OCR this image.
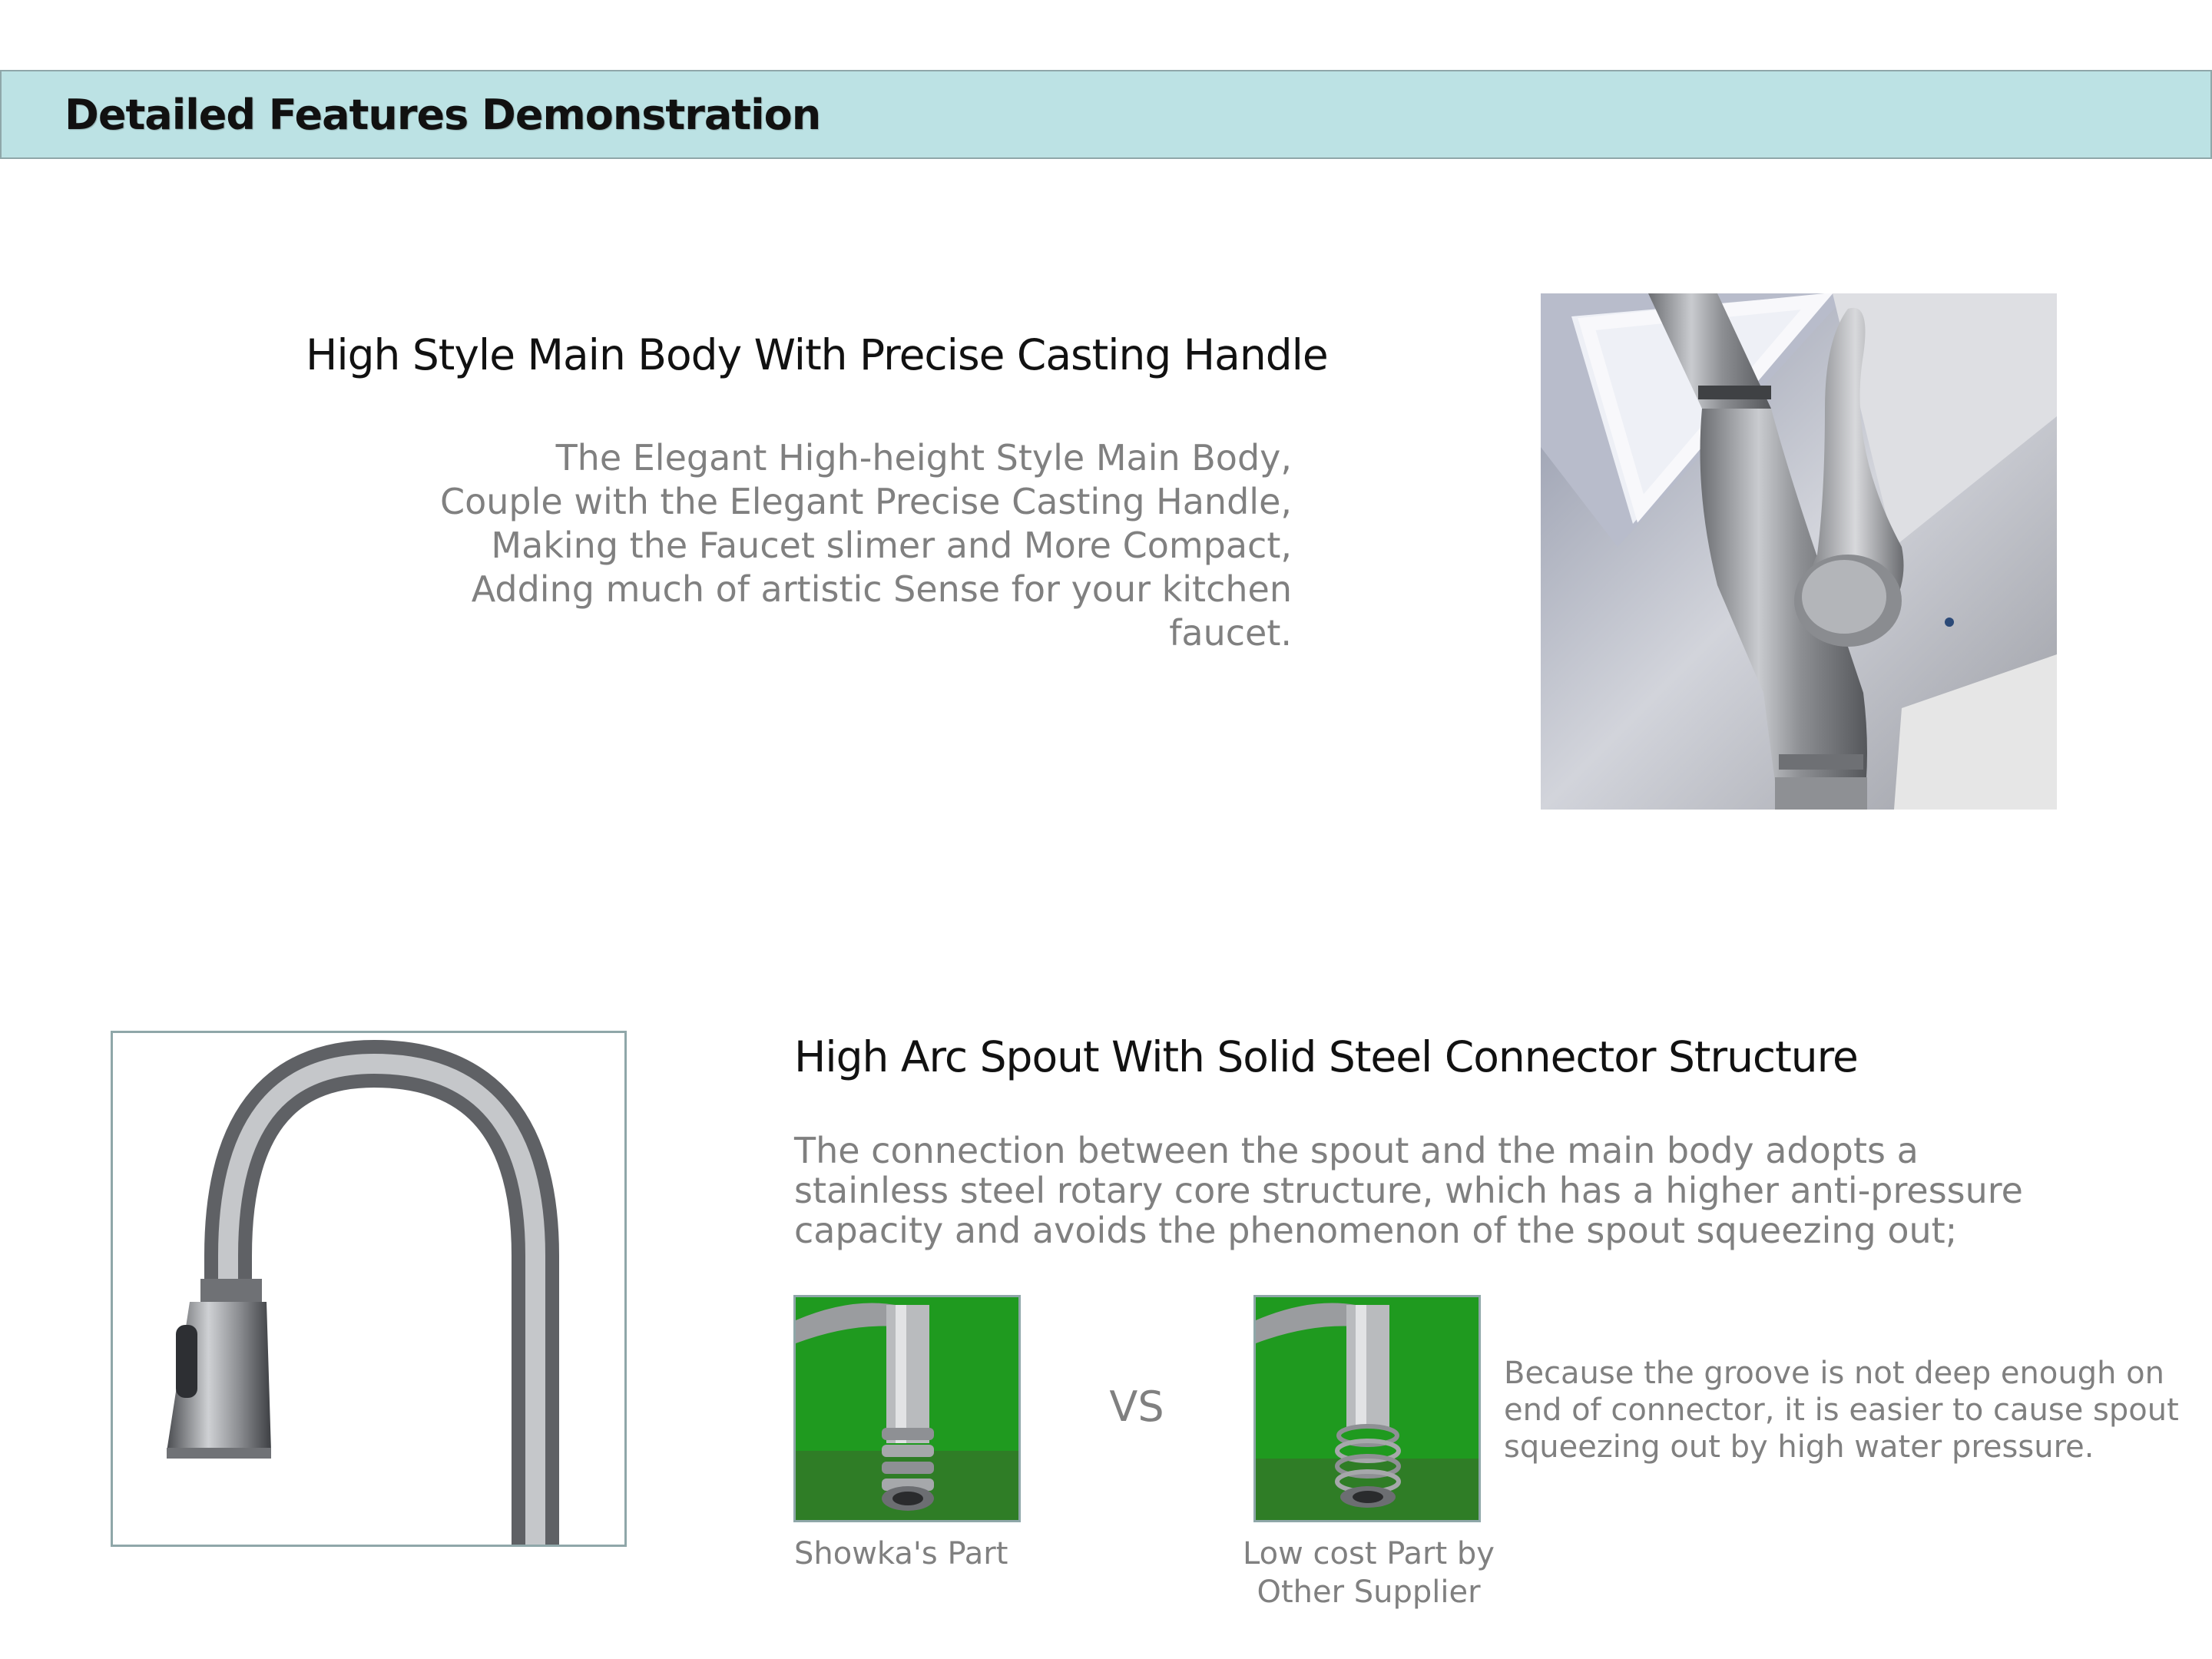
Detailed Features Demonstration
High Style Main Body With Precise Casting Handle
The Elegant High-height Style Main Body, Couple with the Elegant Precise Casting Handle, Making the Faucet slimer and More Compact, Adding much of artistic Sense for your kitchen faucet.
High Arc Spout With Solid Steel Connector Structure
The connection between the spout and the main body adopts a stainless steel rotary core structure, which has a higher anti-pressure capacity and avoids the phenomenon of the spout squeezing out;
VS
Showka's Part	Low cost Part by Other Supplier
Because the groove is not deep enough on end of connector, it is easier to cause spout squeezing out by high water pressure.
